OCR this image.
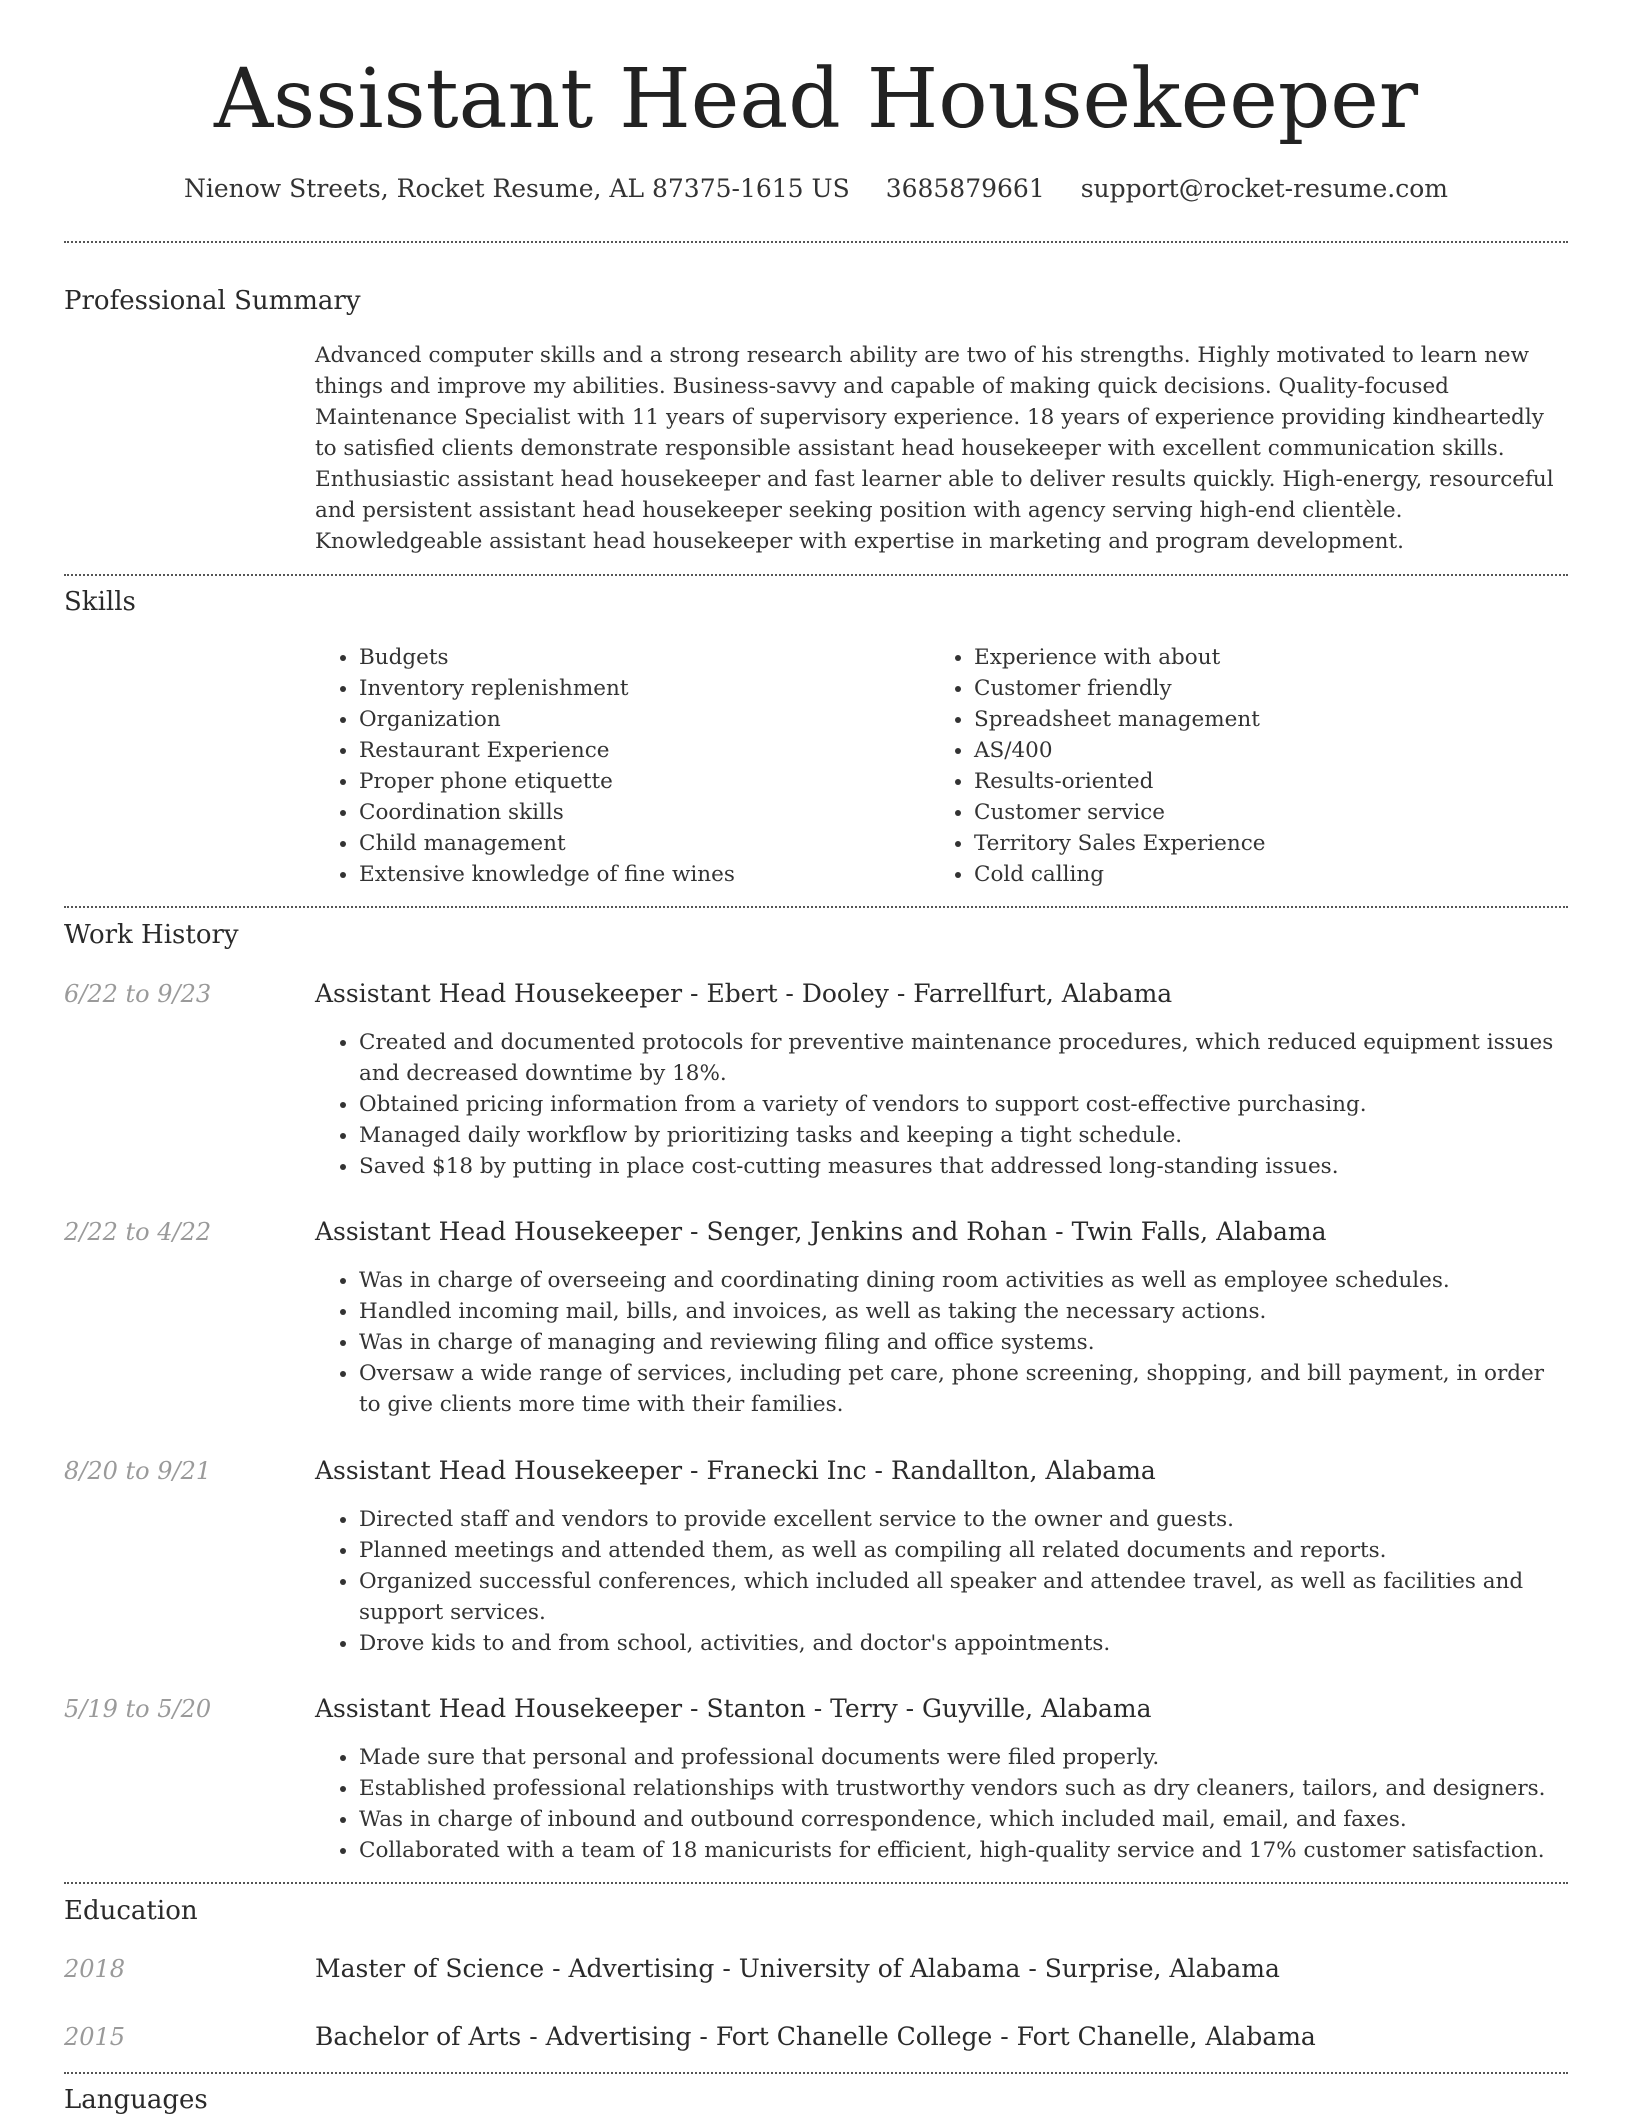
Assistant Head Housekeeper
Nienow Streets, Rocket Resume, AL 87375-1615 US 3685879661 support@rocket-resume.com
Professional Summary

Advanced computer skills and a strong research ability are two of his strengths. Highly motivated to learn new things and improve my abilities. Business-savvy and capable of making quick decisions. Quality-focused Maintenance Specialist with 11 years of supervisory experience. 18 years of experience providing kindheartedly to satisfied clients demonstrate responsible assistant head housekeeper with excellent communication skills. Enthusiastic assistant head housekeeper and fast learner able to deliver results quickly. High-energy, resourceful and persistent assistant head housekeeper seeking position with agency serving high-end clientèle. Knowledgeable assistant head housekeeper with expertise in marketing and program development.

Skills
• Budgets
• Inventory replenishment
• Organization
• Restaurant Experience
• Proper phone etiquette
• Coordination skills
• Child management
• Extensive knowledge of fine wines
• Experience with about
• Customer friendly
• Spreadsheet management
• AS/400
• Results-oriented
• Customer service
• Territory Sales Experience
• Cold calling
Work History
6/22 to 9/23	Assistant Head Housekeeper - Ebert - Dooley - Farrellfurt, Alabama
• Created and documented protocols for preventive maintenance procedures, which reduced equipment issues and decreased downtime by 18%.
• Obtained pricing information from a variety of vendors to support cost-effective purchasing.
• Managed daily workflow by prioritizing tasks and keeping a tight schedule.
• Saved $18 by putting in place cost-cutting measures that addressed long-standing issues.
2/22 to 4/22	Assistant Head Housekeeper - Senger, Jenkins and Rohan - Twin Falls, Alabama
• Was in charge of overseeing and coordinating dining room activities as well as employee schedules.
• Handled incoming mail, bills, and invoices, as well as taking the necessary actions.
• Was in charge of managing and reviewing filing and office systems.
• Oversaw a wide range of services, including pet care, phone screening, shopping, and bill payment, in order to give clients more time with their families.
8/20 to 9/21	Assistant Head Housekeeper - Franecki Inc - Randallton, Alabama
• Directed staff and vendors to provide excellent service to the owner and guests.
• Planned meetings and attended them, as well as compiling all related documents and reports.
• Organized successful conferences, which included all speaker and attendee travel, as well as facilities and support services.
• Drove kids to and from school, activities, and doctor's appointments.
5/19 to 5/20	Assistant Head Housekeeper - Stanton - Terry - Guyville, Alabama
• Made sure that personal and professional documents were filed properly.
• Established professional relationships with trustworthy vendors such as dry cleaners, tailors, and designers.
• Was in charge of inbound and outbound correspondence, which included mail, email, and faxes.
• Collaborated with a team of 18 manicurists for efficient, high-quality service and 17% customer satisfaction.
Education
2018	Master of Science - Advertising - University of Alabama - Surprise, Alabama
2015	Bachelor of Arts - Advertising - Fort Chanelle College - Fort Chanelle, Alabama
Languages
